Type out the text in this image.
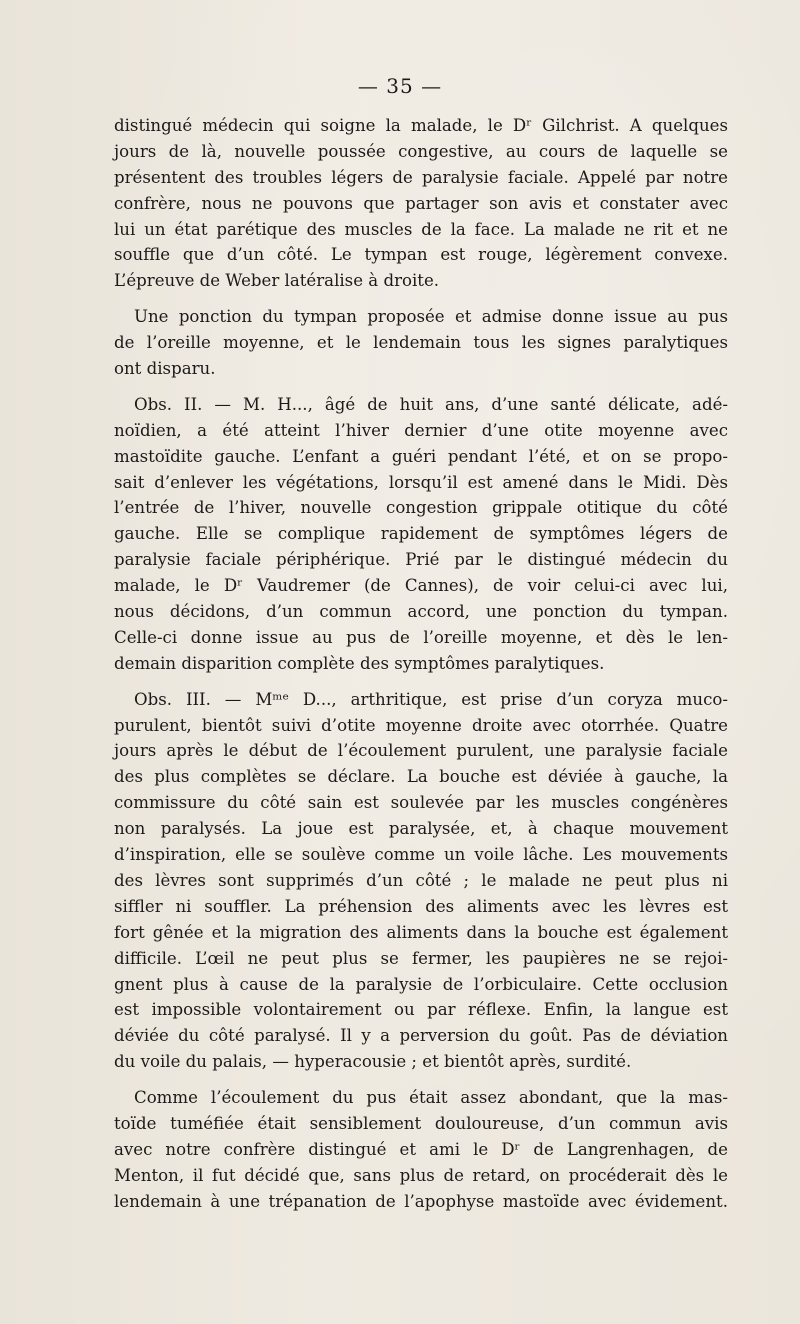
— 35 —
distingué médecin qui soigne la malade, le Dʳ Gilchrist. A quelques
jours de là, nouvelle poussée congestive, au cours de laquelle se
présentent des troubles légers de paralysie faciale. Appelé par notre
confrère, nous ne pouvons que partager son avis et constater avec
lui un état parétique des muscles de la face. La malade ne rit et ne
souffle que d’un côté. Le tympan est rouge, légèrement convexe.
L’épreuve de Weber latéralise à droite.
Une ponction du tympan proposée et admise donne issue au pus
de l’oreille moyenne, et le lendemain tous les signes paralytiques
ont disparu.
Obs. II. — M. H..., âgé de huit ans, d’une santé délicate, adé-
noïdien, a été atteint l’hiver dernier d’une otite moyenne avec
mastoïdite gauche. L’enfant a guéri pendant l’été, et on se propo-
sait d’enlever les végétations, lorsqu’il est amené dans le Midi. Dès
l’entrée de l’hiver, nouvelle congestion grippale otitique du côté
gauche. Elle se complique rapidement de symptômes légers de
paralysie faciale périphérique. Prié par le distingué médecin du
malade, le Dʳ Vaudremer (de Cannes), de voir celui-ci avec lui,
nous décidons, d’un commun accord, une ponction du tympan.
Celle-ci donne issue au pus de l’oreille moyenne, et dès le len-
demain disparition complète des symptômes paralytiques.
Obs. III. — Mᵐᵉ D..., arthritique, est prise d’un coryza muco-
purulent, bientôt suivi d’otite moyenne droite avec otorrhée. Quatre
jours après le début de l’écoulement purulent, une paralysie faciale
des plus complètes se déclare. La bouche est déviée à gauche, la
commissure du côté sain est soulevée par les muscles congénères
non paralysés. La joue est paralysée, et, à chaque mouvement
d’inspiration, elle se soulève comme un voile lâche. Les mouvements
des lèvres sont supprimés d’un côté ; le malade ne peut plus ni
siffler ni souffler. La préhension des aliments avec les lèvres est
fort gênée et la migration des aliments dans la bouche est également
difficile. L’œil ne peut plus se fermer, les paupières ne se rejoi-
gnent plus à cause de la paralysie de l’orbiculaire. Cette occlusion
est impossible volontairement ou par réflexe. Enfin, la langue est
déviée du côté paralysé. Il y a perversion du goût. Pas de déviation
du voile du palais, — hyperacousie ; et bientôt après, surdité.
Comme l’écoulement du pus était assez abondant, que la mas-
toïde tuméfiée était sensiblement douloureuse, d’un commun avis
avec notre confrère distingué et ami le Dʳ de Langrenhagen, de
Menton, il fut décidé que, sans plus de retard, on procéderait dès le
lendemain à une trépanation de l’apophyse mastoïde avec évidement.
